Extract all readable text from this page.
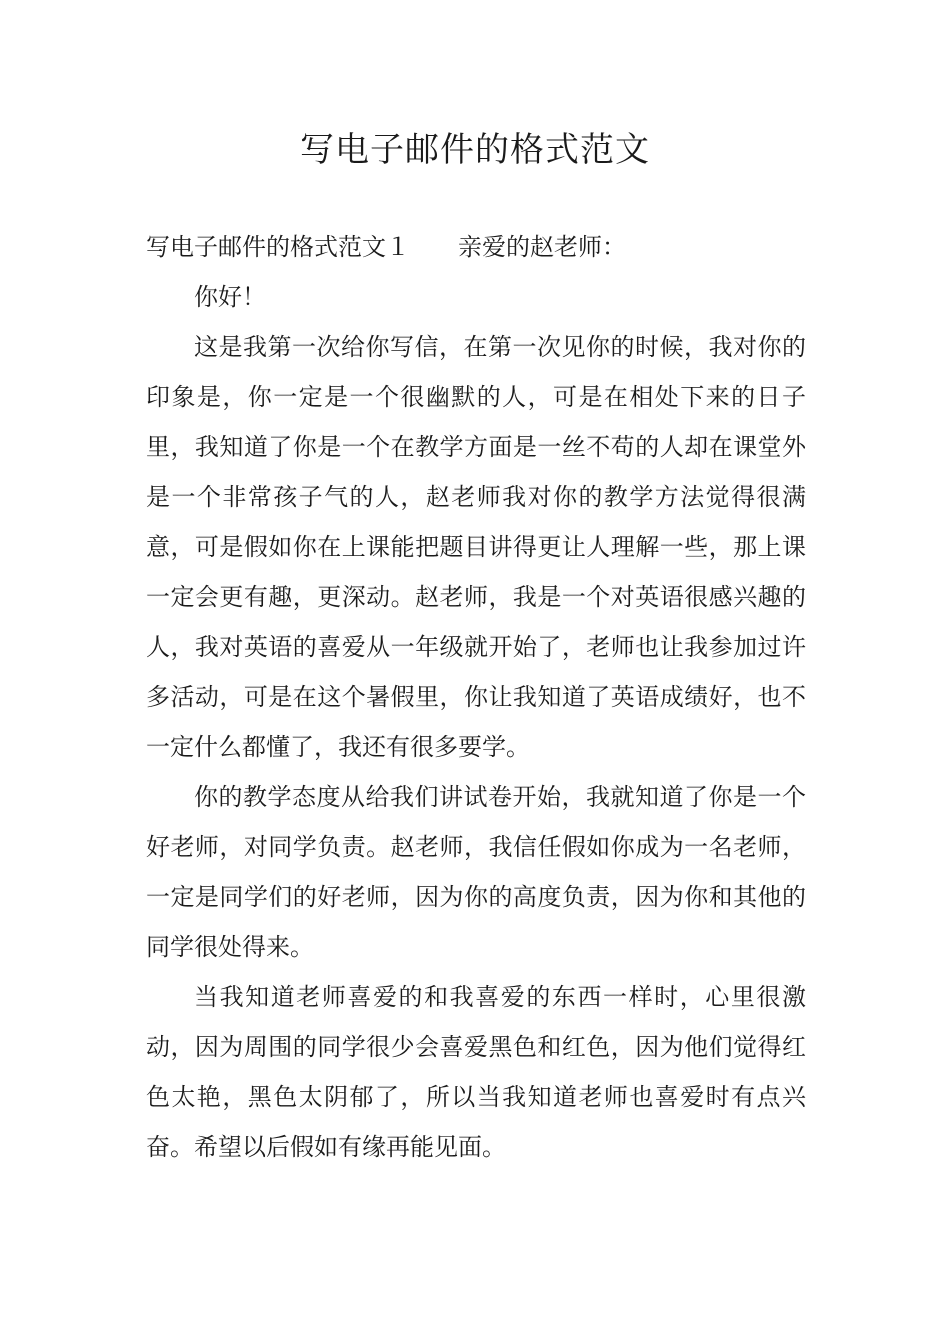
写电子邮件的格式范文

写电子邮件的格式范文１ 亲爱的赵老师：

你好！

这是我第一次给你写信，在第一次见你的时候，我对你的印象是，你一定是一个很幽默的人，可是在相处下来的日子里，我知道了你是一个在教学方面是一丝不苟的人却在课堂外是一个非常孩子气的人，赵老师我对你的教学方法觉得很满意，可是假如你在上课能把题目讲得更让人理解一些，那上课一定会更有趣，更深动。赵老师，我是一个对英语很感兴趣的人，我对英语的喜爱从一年级就开始了，老师也让我参加过许多活动，可是在这个暑假里，你让我知道了英语成绩好，也不一定什么都懂了，我还有很多要学。

你的教学态度从给我们讲试卷开始，我就知道了你是一个好老师，对同学负责。赵老师，我信任假如你成为一名老师，一定是同学们的好老师，因为你的高度负责，因为你和其他的同学很处得来。

当我知道老师喜爱的和我喜爱的东西一样时，心里很激动，因为周围的同学很少会喜爱黑色和红色，因为他们觉得红色太艳，黑色太阴郁了，所以当我知道老师也喜爱时有点兴奋。希望以后假如有缘再能见面。
